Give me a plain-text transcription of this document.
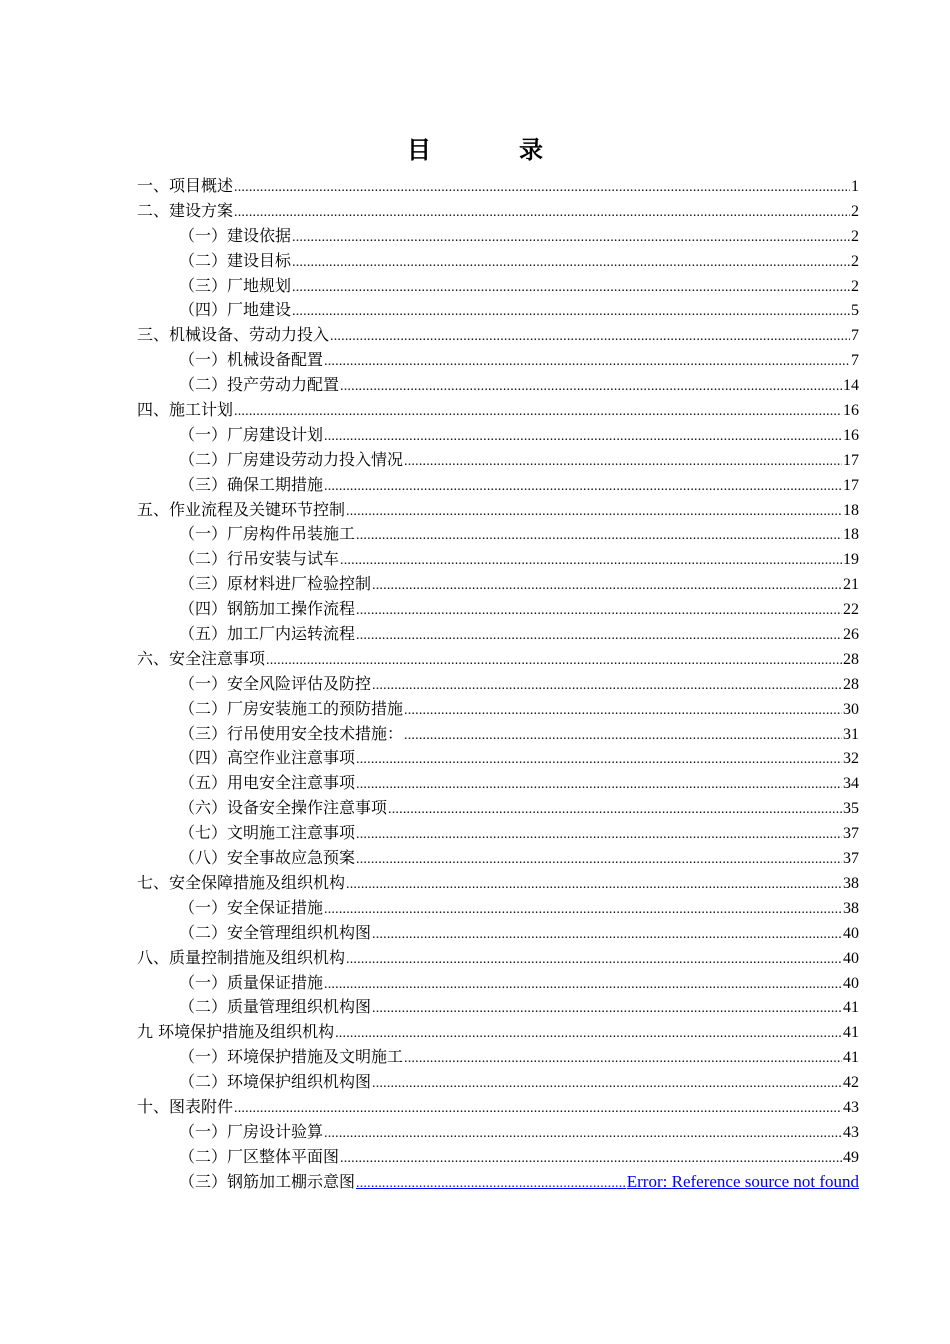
目	录
一、项目概述 .....	1
二、建设方案 .....	2
（一）建设依据 .....	2
（二）建设目标 .....	2
（三）厂地规划 .....	2
（四）厂地建设 .....	5
三、机械设备、劳动力投入 .....	7
（一）机械设备配置 .....	7
（二）投产劳动力配置 .....	14
四、施工计划 .....	16
（一）厂房建设计划 .....	16
（二）厂房建设劳动力投入情况 .....	17
（三）确保工期措施 .....	17
五、作业流程及关键环节控制 .....	18
（一）厂房构件吊装施工 .....	18
（二）行吊安装与试车 .....	19
（三）原材料进厂检验控制 .....	21
（四）钢筋加工操作流程 .....	22
（五）加工厂内运转流程 .....	26
六、安全注意事项 .....	28
（一）安全风险评估及防控 .....	28
（二）厂房安装施工的预防措施 .....	30
（三）行吊使用安全技术措施： .....	31
（四）高空作业注意事项 .....	32
（五）用电安全注意事项 .....	34
（六）设备安全操作注意事项 .....	35
（七）文明施工注意事项 .....	37
（八）安全事故应急预案 .....	37
七、安全保障措施及组织机构 .....	38
（一）安全保证措施 .....	38
（二）安全管理组织机构图 .....	40
八、质量控制措施及组织机构 .....	40
（一）质量保证措施 .....	40
（二）质量管理组织机构图 .....	41
九 环境保护措施及组织机构 .....	41
（一）环境保护措施及文明施工 .....	41
（二）环境保护组织机构图 .....	42
十、图表附件 .....	43
（一）厂房设计验算 .....	43
（二）厂区整体平面图 .....	49
（三）钢筋加工棚示意图 .....	Error: Reference source not found
